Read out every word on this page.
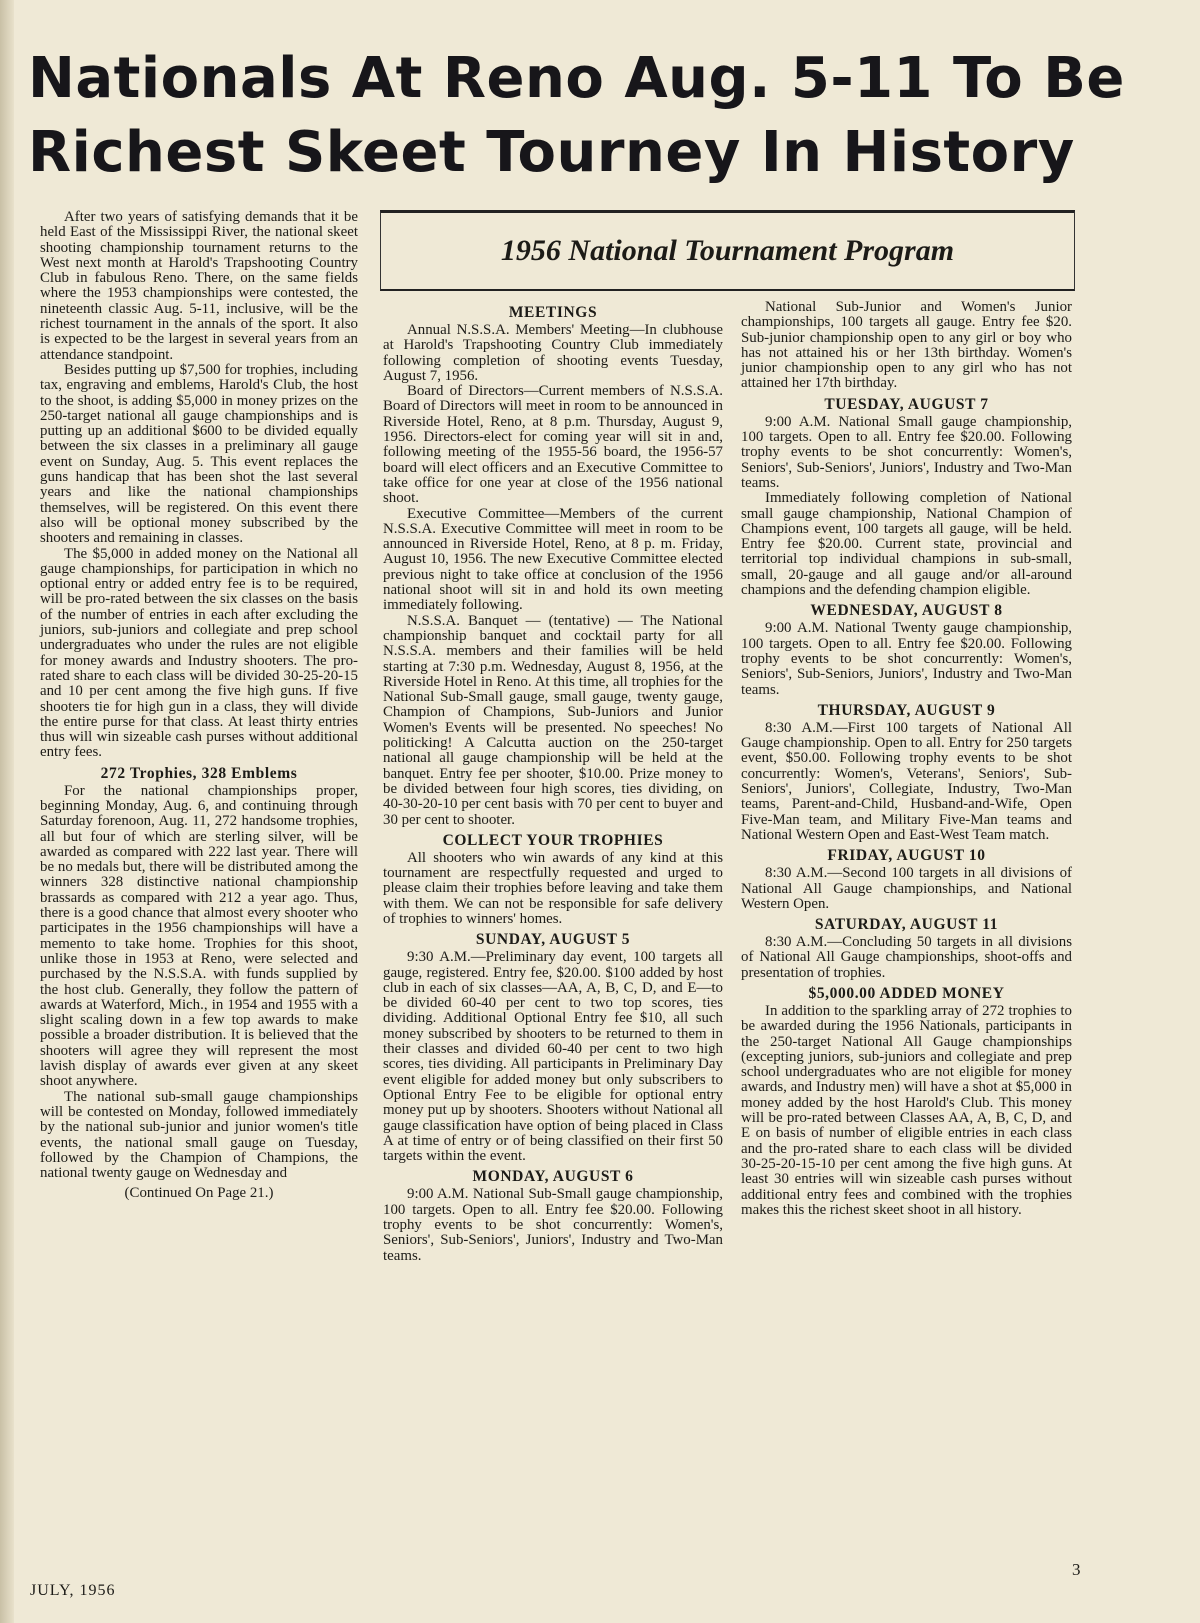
Nationals At Reno Aug. 5-11 To Be
Richest Skeet Tourney In History

After two years of satisfying demands that it be held East of the Mississippi River, the national skeet shooting championship tournament returns to the West next month at Harold's Trapshooting Country Club in fabulous Reno. There, on the same fields where the 1953 championships were contested, the nineteenth classic Aug. 5-11, inclusive, will be the richest tournament in the annals of the sport. It also is expected to be the largest in several years from an attendance standpoint.

Besides putting up $7,500 for trophies, including tax, engraving and emblems, Harold's Club, the host to the shoot, is adding $5,000 in money prizes on the 250-target national all gauge championships and is putting up an additional $600 to be divided equally between the six classes in a preliminary all gauge event on Sunday, Aug. 5. This event replaces the guns handicap that has been shot the last several years and like the national championships themselves, will be registered. On this event there also will be optional money subscribed by the shooters and remaining in classes.

The $5,000 in added money on the National all gauge championships, for participation in which no optional entry or added entry fee is to be required, will be pro-rated between the six classes on the basis of the number of entries in each after excluding the juniors, sub-juniors and collegiate and prep school undergraduates who under the rules are not eligible for money awards and Industry shooters. The pro-rated share to each class will be divided 30-25-20-15 and 10 per cent among the five high guns. If five shooters tie for high gun in a class, they will divide the entire purse for that class. At least thirty entries thus will win sizeable cash purses without additional entry fees.

272 Trophies, 328 Emblems

For the national championships proper, beginning Monday, Aug. 6, and continuing through Saturday forenoon, Aug. 11, 272 handsome trophies, all but four of which are sterling silver, will be awarded as compared with 222 last year. There will be no medals but, there will be distributed among the winners 328 distinctive national championship brassards as compared with 212 a year ago. Thus, there is a good chance that almost every shooter who participates in the 1956 championships will have a memento to take home. Trophies for this shoot, unlike those in 1953 at Reno, were selected and purchased by the N.S.S.A. with funds supplied by the host club. Generally, they follow the pattern of awards at Waterford, Mich., in 1954 and 1955 with a slight scaling down in a few top awards to make possible a broader distribution. It is believed that the shooters will agree they will represent the most lavish display of awards ever given at any skeet shoot anywhere.

The national sub-small gauge championships will be contested on Monday, followed immediately by the national sub-junior and junior women's title events, the national small gauge on Tuesday, followed by the Champion of Champions, the national twenty gauge on Wednesday and

(Continued On Page 21.)
1956 National Tournament Program
MEETINGS

Annual N.S.S.A. Members' Meeting—In clubhouse at Harold's Trapshooting Country Club immediately following completion of shooting events Tuesday, August 7, 1956.

Board of Directors—Current members of N.S.S.A. Board of Directors will meet in room to be announced in Riverside Hotel, Reno, at 8 p.m. Thursday, August 9, 1956. Directors-elect for coming year will sit in and, following meeting of the 1955-56 board, the 1956-57 board will elect officers and an Executive Committee to take office for one year at close of the 1956 national shoot.

Executive Committee—Members of the current N.S.S.A. Executive Committee will meet in room to be announced in Riverside Hotel, Reno, at 8 p. m. Friday, August 10, 1956. The new Executive Committee elected previous night to take office at conclusion of the 1956 national shoot will sit in and hold its own meeting immediately following.

N.S.S.A. Banquet — (tentative) — The National championship banquet and cocktail party for all N.S.S.A. members and their families will be held starting at 7:30 p.m. Wednesday, August 8, 1956, at the Riverside Hotel in Reno. At this time, all trophies for the National Sub-Small gauge, small gauge, twenty gauge, Champion of Champions, Sub-Juniors and Junior Women's Events will be presented. No speeches! No politicking! A Calcutta auction on the 250-target national all gauge championship will be held at the banquet. Entry fee per shooter, $10.00. Prize money to be divided between four high scores, ties dividing, on 40-30-20-10 per cent basis with 70 per cent to buyer and 30 per cent to shooter.

COLLECT YOUR TROPHIES

All shooters who win awards of any kind at this tournament are respectfully requested and urged to please claim their trophies before leaving and take them with them. We can not be responsible for safe delivery of trophies to winners' homes.

SUNDAY, AUGUST 5

9:30 A.M.—Preliminary day event, 100 targets all gauge, registered. Entry fee, $20.00. $100 added by host club in each of six classes—AA, A, B, C, D, and E—to be divided 60-40 per cent to two top scores, ties dividing. Additional Optional Entry fee $10, all such money subscribed by shooters to be returned to them in their classes and divided 60-40 per cent to two high scores, ties dividing. All participants in Preliminary Day event eligible for added money but only subscribers to Optional Entry Fee to be eligible for optional entry money put up by shooters. Shooters without National all gauge classification have option of being placed in Class A at time of entry or of being classified on their first 50 targets within the event.

MONDAY, AUGUST 6

9:00 A.M. National Sub-Small gauge championship, 100 targets. Open to all. Entry fee $20.00. Following trophy events to be shot concurrently: Women's, Seniors', Sub-Seniors', Juniors', Industry and Two-Man teams.

National Sub-Junior and Women's Junior championships, 100 targets all gauge. Entry fee $20. Sub-junior championship open to any girl or boy who has not attained his or her 13th birthday. Women's junior championship open to any girl who has not attained her 17th birthday.

TUESDAY, AUGUST 7

9:00 A.M. National Small gauge championship, 100 targets. Open to all. Entry fee $20.00. Following trophy events to be shot concurrently: Women's, Seniors', Sub-Seniors', Juniors', Industry and Two-Man teams.

Immediately following completion of National small gauge championship, National Champion of Champions event, 100 targets all gauge, will be held. Entry fee $20.00. Current state, provincial and territorial top individual champions in sub-small, small, 20-gauge and all gauge and/or all-around champions and the defending champion eligible.

WEDNESDAY, AUGUST 8

9:00 A.M. National Twenty gauge championship, 100 targets. Open to all. Entry fee $20.00. Following trophy events to be shot concurrently: Women's, Seniors', Sub-Seniors, Juniors', Industry and Two-Man teams.

THURSDAY, AUGUST 9

8:30 A.M.—First 100 targets of National All Gauge championship. Open to all. Entry for 250 targets event, $50.00. Following trophy events to be shot concurrently: Women's, Veterans', Seniors', Sub-Seniors', Juniors', Collegiate, Industry, Two-Man teams, Parent-and-Child, Husband-and-Wife, Open Five-Man team, and Military Five-Man teams and National Western Open and East-West Team match.

FRIDAY, AUGUST 10

8:30 A.M.—Second 100 targets in all divisions of National All Gauge championships, and National Western Open.

SATURDAY, AUGUST 11

8:30 A.M.—Concluding 50 targets in all divisions of National All Gauge championships, shoot-offs and presentation of trophies.

$5,000.00 ADDED MONEY

In addition to the sparkling array of 272 trophies to be awarded during the 1956 Nationals, participants in the 250-target National All Gauge championships (excepting juniors, sub-juniors and collegiate and prep school undergraduates who are not eligible for money awards, and Industry men) will have a shot at $5,000 in money added by the host Harold's Club. This money will be pro-rated between Classes AA, A, B, C, D, and E on basis of number of eligible entries in each class and the pro-rated share to each class will be divided 30-25-20-15-10 per cent among the five high guns. At least 30 entries will win sizeable cash purses without additional entry fees and combined with the trophies makes this the richest skeet shoot in all history.

JULY, 1956
3
